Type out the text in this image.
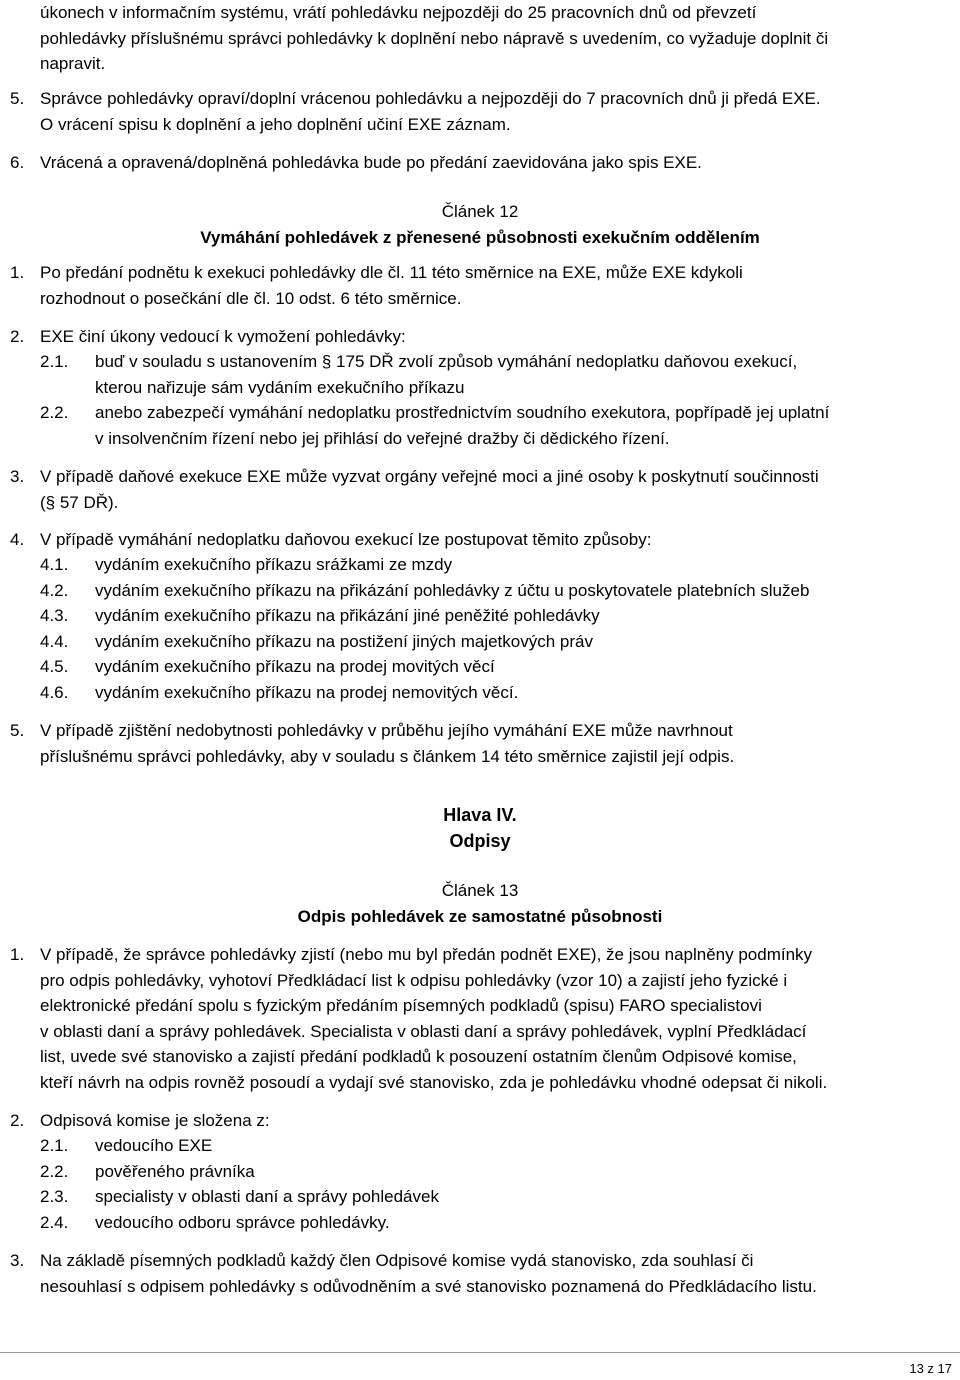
úkonech v informačním systému, vrátí pohledávku nejpozději do 25 pracovních dnů od převzetí
pohledávky příslušnému správci pohledávky k doplnění nebo nápravě s uvedením, co vyžaduje doplnit či
napravit.
5. Správce pohledávky opraví/doplní vrácenou pohledávku a nejpozději do 7 pracovních dnů ji předá EXE.
O vrácení spisu k doplnění a jeho doplnění učiní EXE záznam.
6. Vrácená a opravená/doplněná pohledávka bude po předání zaevidována jako spis EXE.
Článek 12
Vymáhání pohledávek z přenesené působnosti exekučním oddělením
1. Po předání podnětu k exekuci pohledávky dle čl. 11 této směrnice na EXE, může EXE kdykoli
rozhodnout o posečkání dle čl. 10 odst. 6 této směrnice.
2. EXE činí úkony vedoucí k vymožení pohledávky:
2.1. buď v souladu s ustanovením § 175 DŘ zvolí způsob vymáhání nedoplatku daňovou exekucí,
kterou nařizuje sám vydáním exekučního příkazu
2.2. anebo zabezpečí vymáhání nedoplatku prostřednictvím soudního exekutora, popřípadě jej uplatní
v insolvenčním řízení nebo jej přihlásí do veřejné dražby či dědického řízení.
3. V případě daňové exekuce EXE může vyzvat orgány veřejné moci a jiné osoby k poskytnutí součinnosti
(§ 57 DŘ).
4. V případě vymáhání nedoplatku daňovou exekucí lze postupovat těmito způsoby:
4.1. vydáním exekučního příkazu srážkami ze mzdy
4.2. vydáním exekučního příkazu na přikázání pohledávky z účtu u poskytovatele platebních služeb
4.3. vydáním exekučního příkazu na přikázání jiné peněžité pohledávky
4.4. vydáním exekučního příkazu na postižení jiných majetkových práv
4.5. vydáním exekučního příkazu na prodej movitých věcí
4.6. vydáním exekučního příkazu na prodej nemovitých věcí.
5. V případě zjištění nedobytnosti pohledávky v průběhu jejího vymáhání EXE může navrhnout
příslušnému správci pohledávky, aby v souladu s článkem 14 této směrnice zajistil její odpis.
Hlava IV.
Odpisy
Článek 13
Odpis pohledávek ze samostatné působnosti
1. V případě, že správce pohledávky zjistí (nebo mu byl předán podnět EXE), že jsou naplněny podmínky
pro odpis pohledávky, vyhotoví Předkládací list k odpisu pohledávky (vzor 10) a zajistí jeho fyzické i
elektronické předání spolu s fyzickým předáním písemných podkladů (spisu) FARO specialistovi
v oblasti daní a správy pohledávek. Specialista v oblasti daní a správy pohledávek, vyplní Předkládací
list, uvede své stanovisko a zajistí předání podkladů k posouzení ostatním členům Odpisové komise,
kteří návrh na odpis rovněž posoudí a vydají své stanovisko, zda je pohledávku vhodné odepsat či nikoli.
2. Odpisová komise je složena z:
2.1. vedoucího EXE
2.2. pověřeného právníka
2.3. specialisty v oblasti daní a správy pohledávek
2.4. vedoucího odboru správce pohledávky.
3. Na základě písemných podkladů každý člen Odpisové komise vydá stanovisko, zda souhlasí či
nesouhlasí s odpisem pohledávky s odůvodněním a své stanovisko poznamená do Předkládacího listu.
13 z 17
